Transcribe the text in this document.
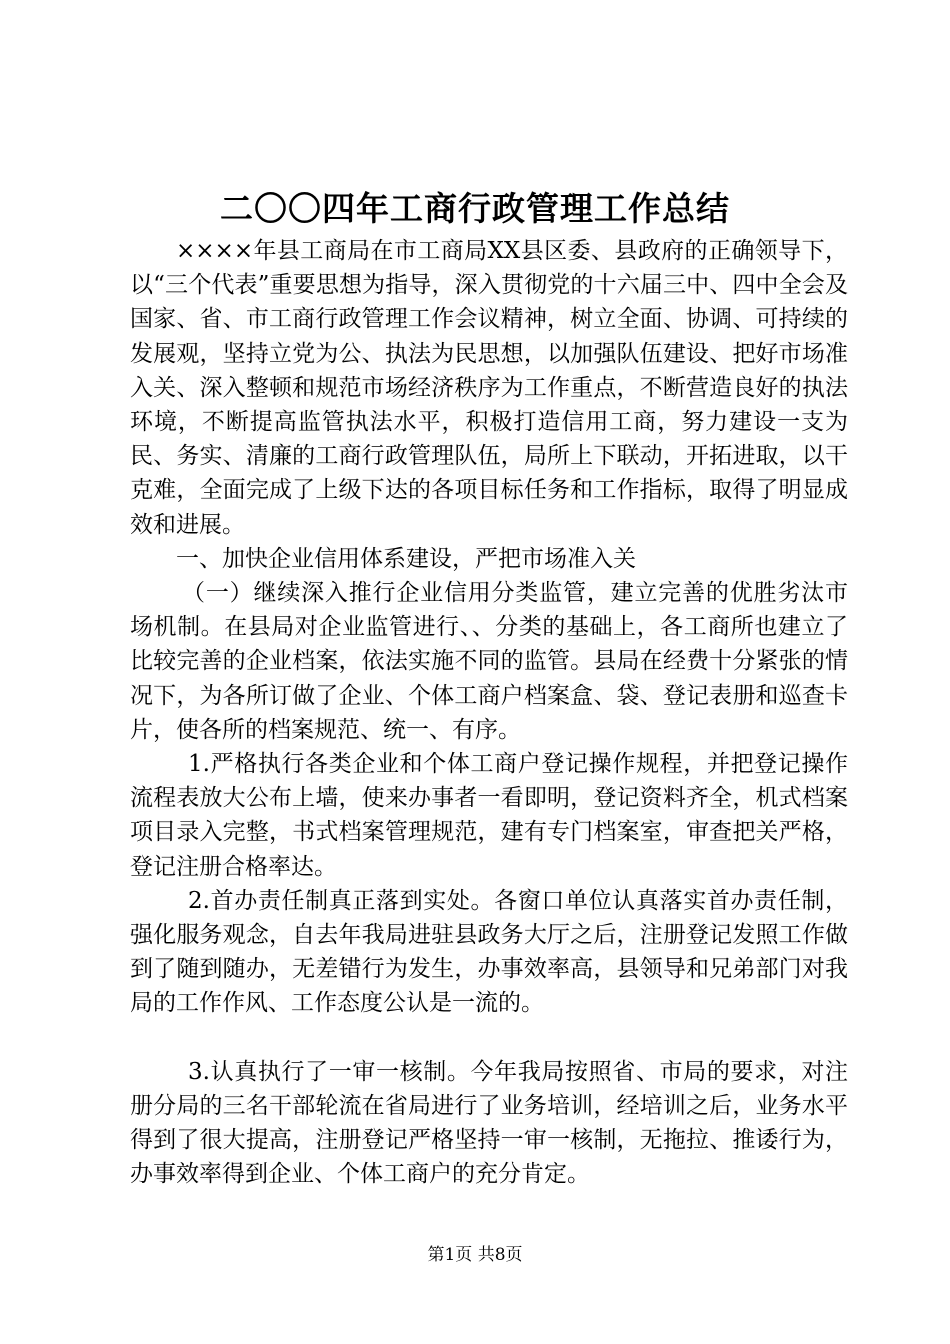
二〇〇四年工商行政管理工作总结

××××年县工商局在市工商局XX县区委、县政府的正确领导下，以“三个代表”重要思想为指导，深入贯彻党的十六届三中、四中全会及国家、省、市工商行政管理工作会议精神，树立全面、协调、可持续的发展观，坚持立党为公、执法为民思想，以加强队伍建设、把好市场准入关、深入整顿和规范市场经济秩序为工作重点，不断营造良好的执法环境，不断提高监管执法水平，积极打造信用工商，努力建设一支为民、务实、清廉的工商行政管理队伍，局所上下联动，开拓进取，以干克难，全面完成了上级下达的各项目标任务和工作指标，取得了明显成效和进展。

一、加快企业信用体系建设，严把市场准入关

（一）继续深入推行企业信用分类监管，建立完善的优胜劣汰市场机制。在县局对企业监管进行、、分类的基础上，各工商所也建立了比较完善的企业档案，依法实施不同的监管。县局在经费十分紧张的情况下，为各所订做了企业、个体工商户档案盒、袋、登记表册和巡查卡片，使各所的档案规范、统一、有序。

1.严格执行各类企业和个体工商户登记操作规程，并把登记操作流程表放大公布上墙，使来办事者一看即明，登记资料齐全，机式档案项目录入完整，书式档案管理规范，建有专门档案室，审查把关严格，登记注册合格率达。

2.首办责任制真正落到实处。各窗口单位认真落实首办责任制，强化服务观念，自去年我局进驻县政务大厅之后，注册登记发照工作做到了随到随办，无差错行为发生，办事效率高，县领导和兄弟部门对我局的工作作风、工作态度公认是一流的。

3.认真执行了一审一核制。今年我局按照省、市局的要求，对注册分局的三名干部轮流在省局进行了业务培训，经培训之后，业务水平得到了很大提高，注册登记严格坚持一审一核制，无拖拉、推诿行为，办事效率得到企业、个体工商户的充分肯定。

第1页 共8页
